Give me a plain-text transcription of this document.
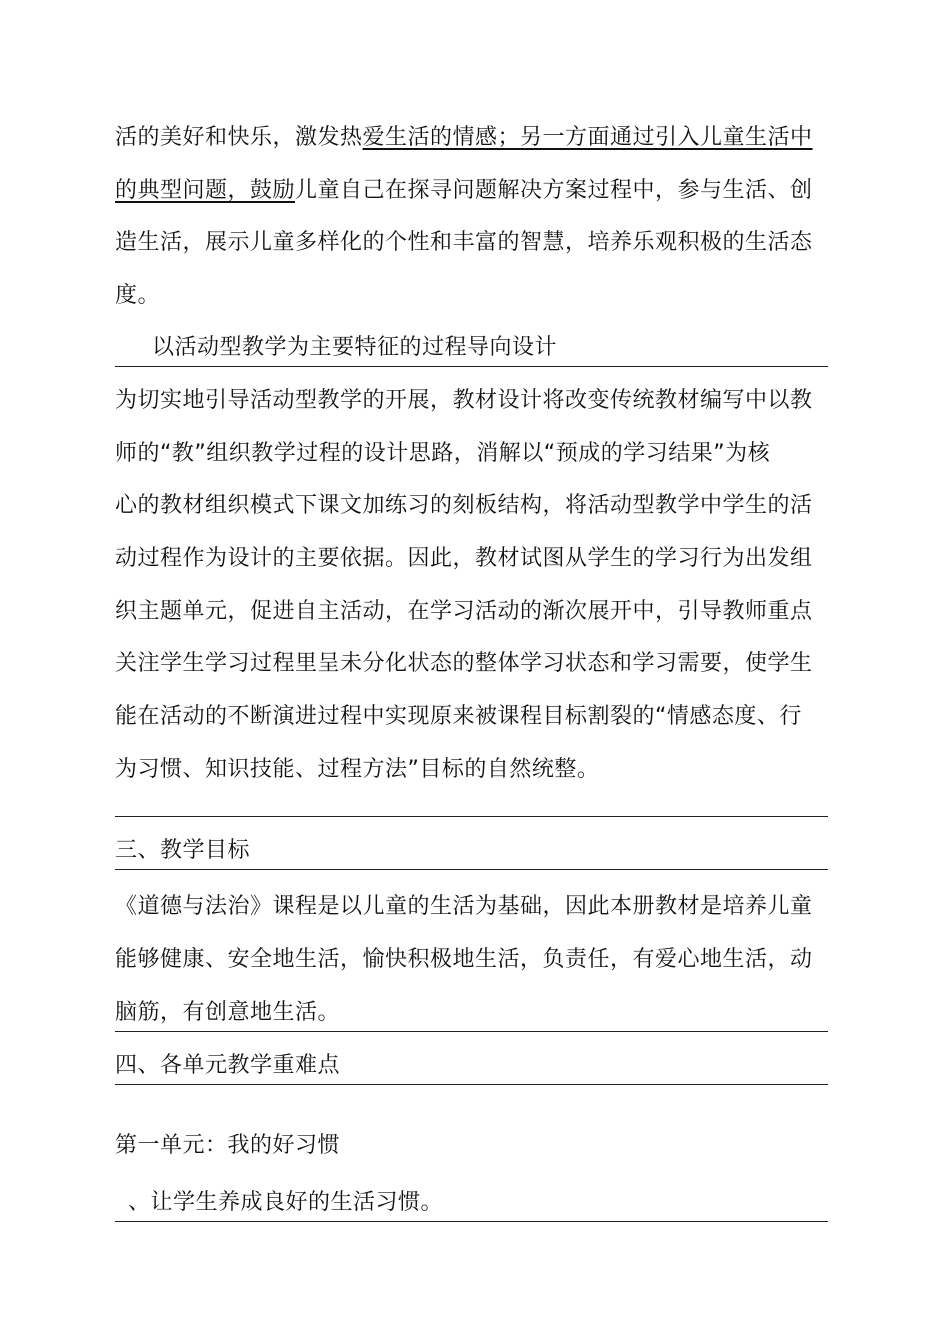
活的美好和快乐，激发热爱生活的情感；另一方面通过引入儿童生活中
的典型问题，鼓励儿童自己在探寻问题解决方案过程中，参与生活、创
造生活，展示儿童多样化的个性和丰富的智慧，培养乐观积极的生活态
度。
以活动型教学为主要特征的过程导向设计
为切实地引导活动型教学的开展，教材设计将改变传统教材编写中以教
师的“教”组织教学过程的设计思路，消解以“预成的学习结果”为核
心的教材组织模式下课文加练习的刻板结构，将活动型教学中学生的活
动过程作为设计的主要依据。因此，教材试图从学生的学习行为出发组
织主题单元，促进自主活动，在学习活动的渐次展开中，引导教师重点
关注学生学习过程里呈未分化状态的整体学习状态和学习需要，使学生
能在活动的不断演进过程中实现原来被课程目标割裂的“情感态度、行
为习惯、知识技能、过程方法”目标的自然统整。
三、教学目标
《道德与法治》课程是以儿童的生活为基础，因此本册教材是培养儿童
能够健康、安全地生活，愉快积极地生活，负责任，有爱心地生活，动
脑筋，有创意地生活。
四、各单元教学重难点
第一单元：我的好习惯
、让学生养成良好的生活习惯。
